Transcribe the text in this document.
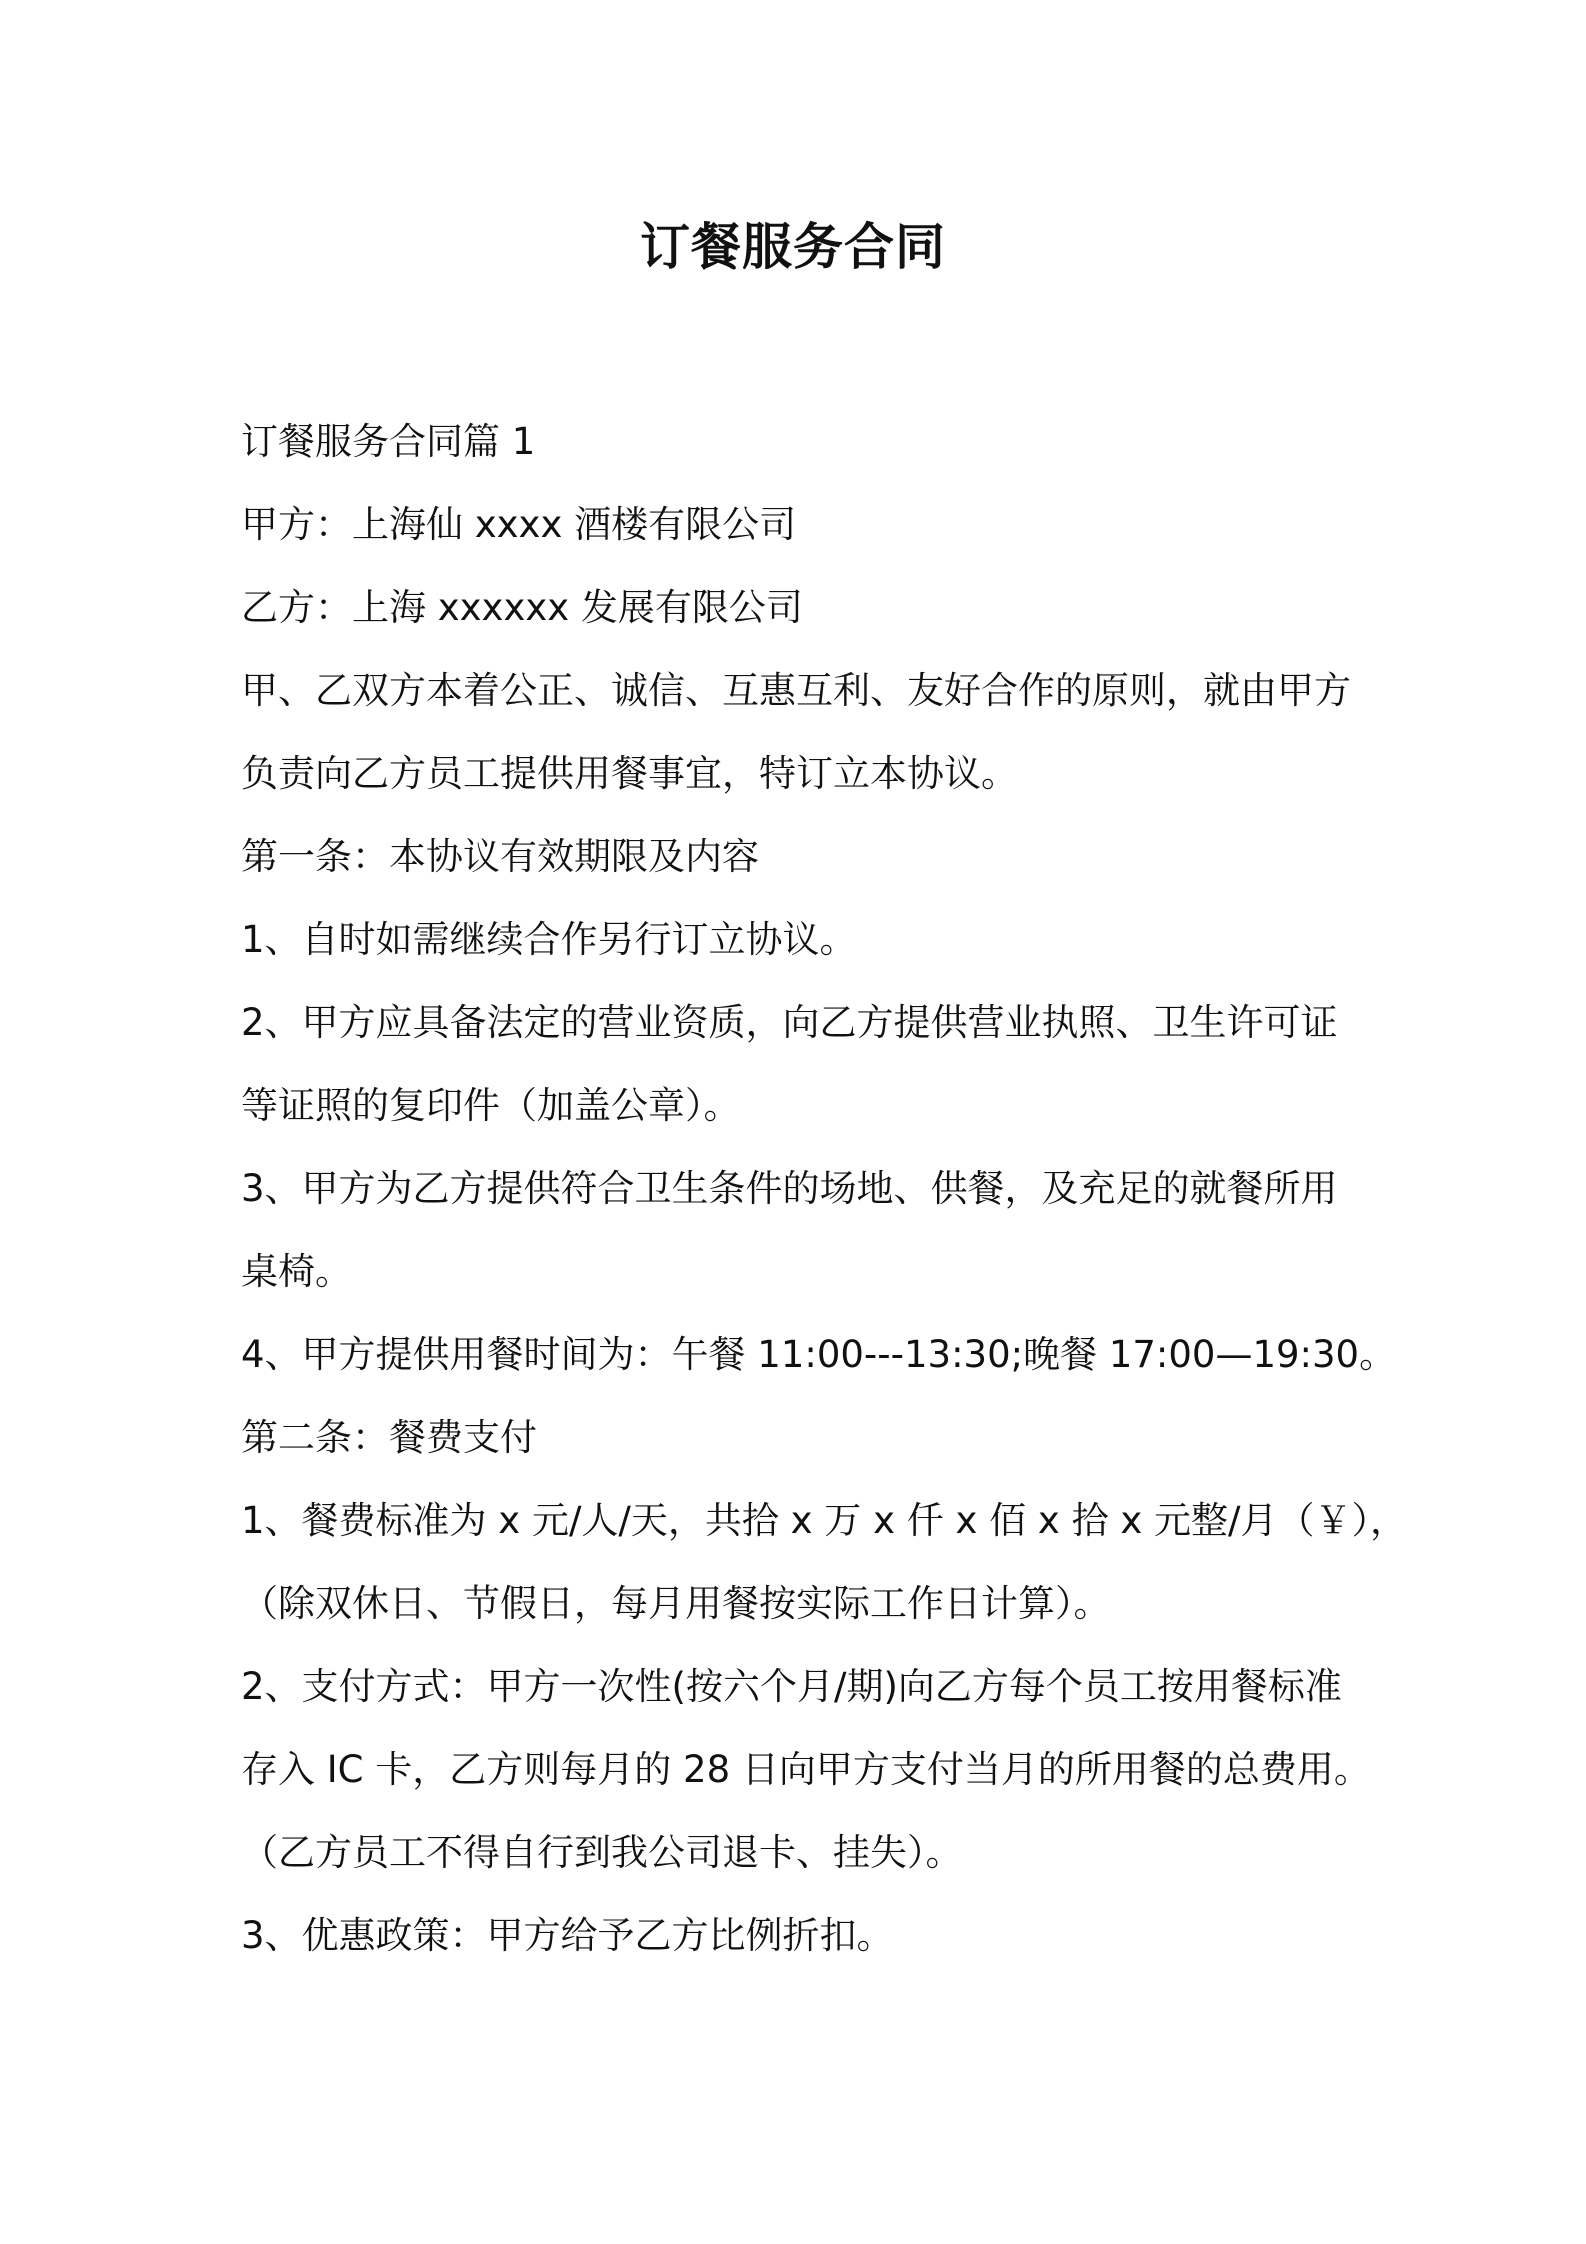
订餐服务合同

订餐服务合同篇 1

甲方：上海仙 xxxx 酒楼有限公司

乙方：上海 xxxxxx 发展有限公司

甲、乙双方本着公正、诚信、互惠互利、友好合作的原则，就由甲方

负责向乙方员工提供用餐事宜，特订立本协议。

第一条：本协议有效期限及内容

1、自时如需继续合作另行订立协议。

2、甲方应具备法定的营业资质，向乙方提供营业执照、卫生许可证

等证照的复印件（加盖公章）。

3、甲方为乙方提供符合卫生条件的场地、供餐，及充足的就餐所用

桌椅。

4、甲方提供用餐时间为：午餐 11:00---13:30;晚餐 17:00—19:30。

第二条：餐费支付

1、餐费标准为 x 元/人/天，共拾 x 万 x 仟 x 佰 x 拾 x 元整/月（￥），

（除双休日、节假日，每月用餐按实际工作日计算）。

2、支付方式：甲方一次性(按六个月/期)向乙方每个员工按用餐标准

存入 IC 卡，乙方则每月的 28 日向甲方支付当月的所用餐的总费用。

（乙方员工不得自行到我公司退卡、挂失）。

3、优惠政策：甲方给予乙方比例折扣。
